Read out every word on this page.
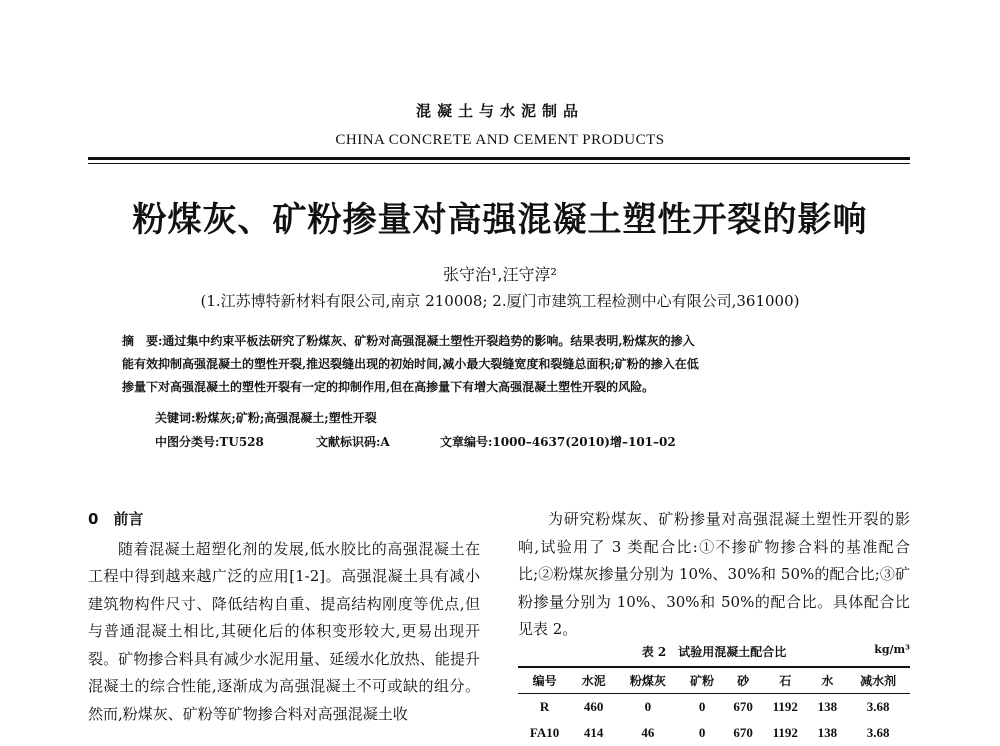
混凝土与水泥制品
CHINA CONCRETE AND CEMENT PRODUCTS
粉煤灰、矿粉掺量对高强混凝土塑性开裂的影响
张守治¹,汪守淳²
(1.江苏博特新材料有限公司,南京 210008; 2.厦门市建筑工程检测中心有限公司,361000)

摘　要:通过集中约束平板法研究了粉煤灰、矿粉对高强混凝土塑性开裂趋势的影响。结果表明,粉煤灰的掺入

能有效抑制高强混凝土的塑性开裂,推迟裂缝出现的初始时间,减小最大裂缝宽度和裂缝总面积;矿粉的掺入在低

掺量下对高强混凝土的塑性开裂有一定的抑制作用,但在高掺量下有增大高强混凝土塑性开裂的风险。

关键词:粉煤灰;矿粉;高强混凝土;塑性开裂
中图分类号:TU528	文献标识码:A	文章编号:1000–4637(2010)增–101–02
0　前言

随着混凝土超塑化剂的发展,低水胶比的高强混凝土在工程中得到越来越广泛的应用[1-2]。高强混凝土具有减小建筑物构件尺寸、降低结构自重、提高结构刚度等优点,但与普通混凝土相比,其硬化后的体积变形较大,更易出现开裂。矿物掺合料具有减少水泥用量、延缓水化放热、能提升混凝土的综合性能,逐渐成为高强混凝土不可或缺的组分。然而,粉煤灰、矿粉等矿物掺合料对高强混凝土收

为研究粉煤灰、矿粉掺量对高强混凝土塑性开裂的影响,试验用了 3 类配合比:①不掺矿物掺合料的基准配合比;②粉煤灰掺量分别为 10%、30%和 50%的配合比;③矿粉掺量分别为 10%、30%和 50%的配合比。具体配合比见表 2。

表 2　试验用混凝土配合比	kg/m³
编号	水泥	粉煤灰	矿粉	砂	石	水	减水剂
R	460	0	0	670	1192	138	3.68
FA10	414	46	0	670	1192	138	3.68
